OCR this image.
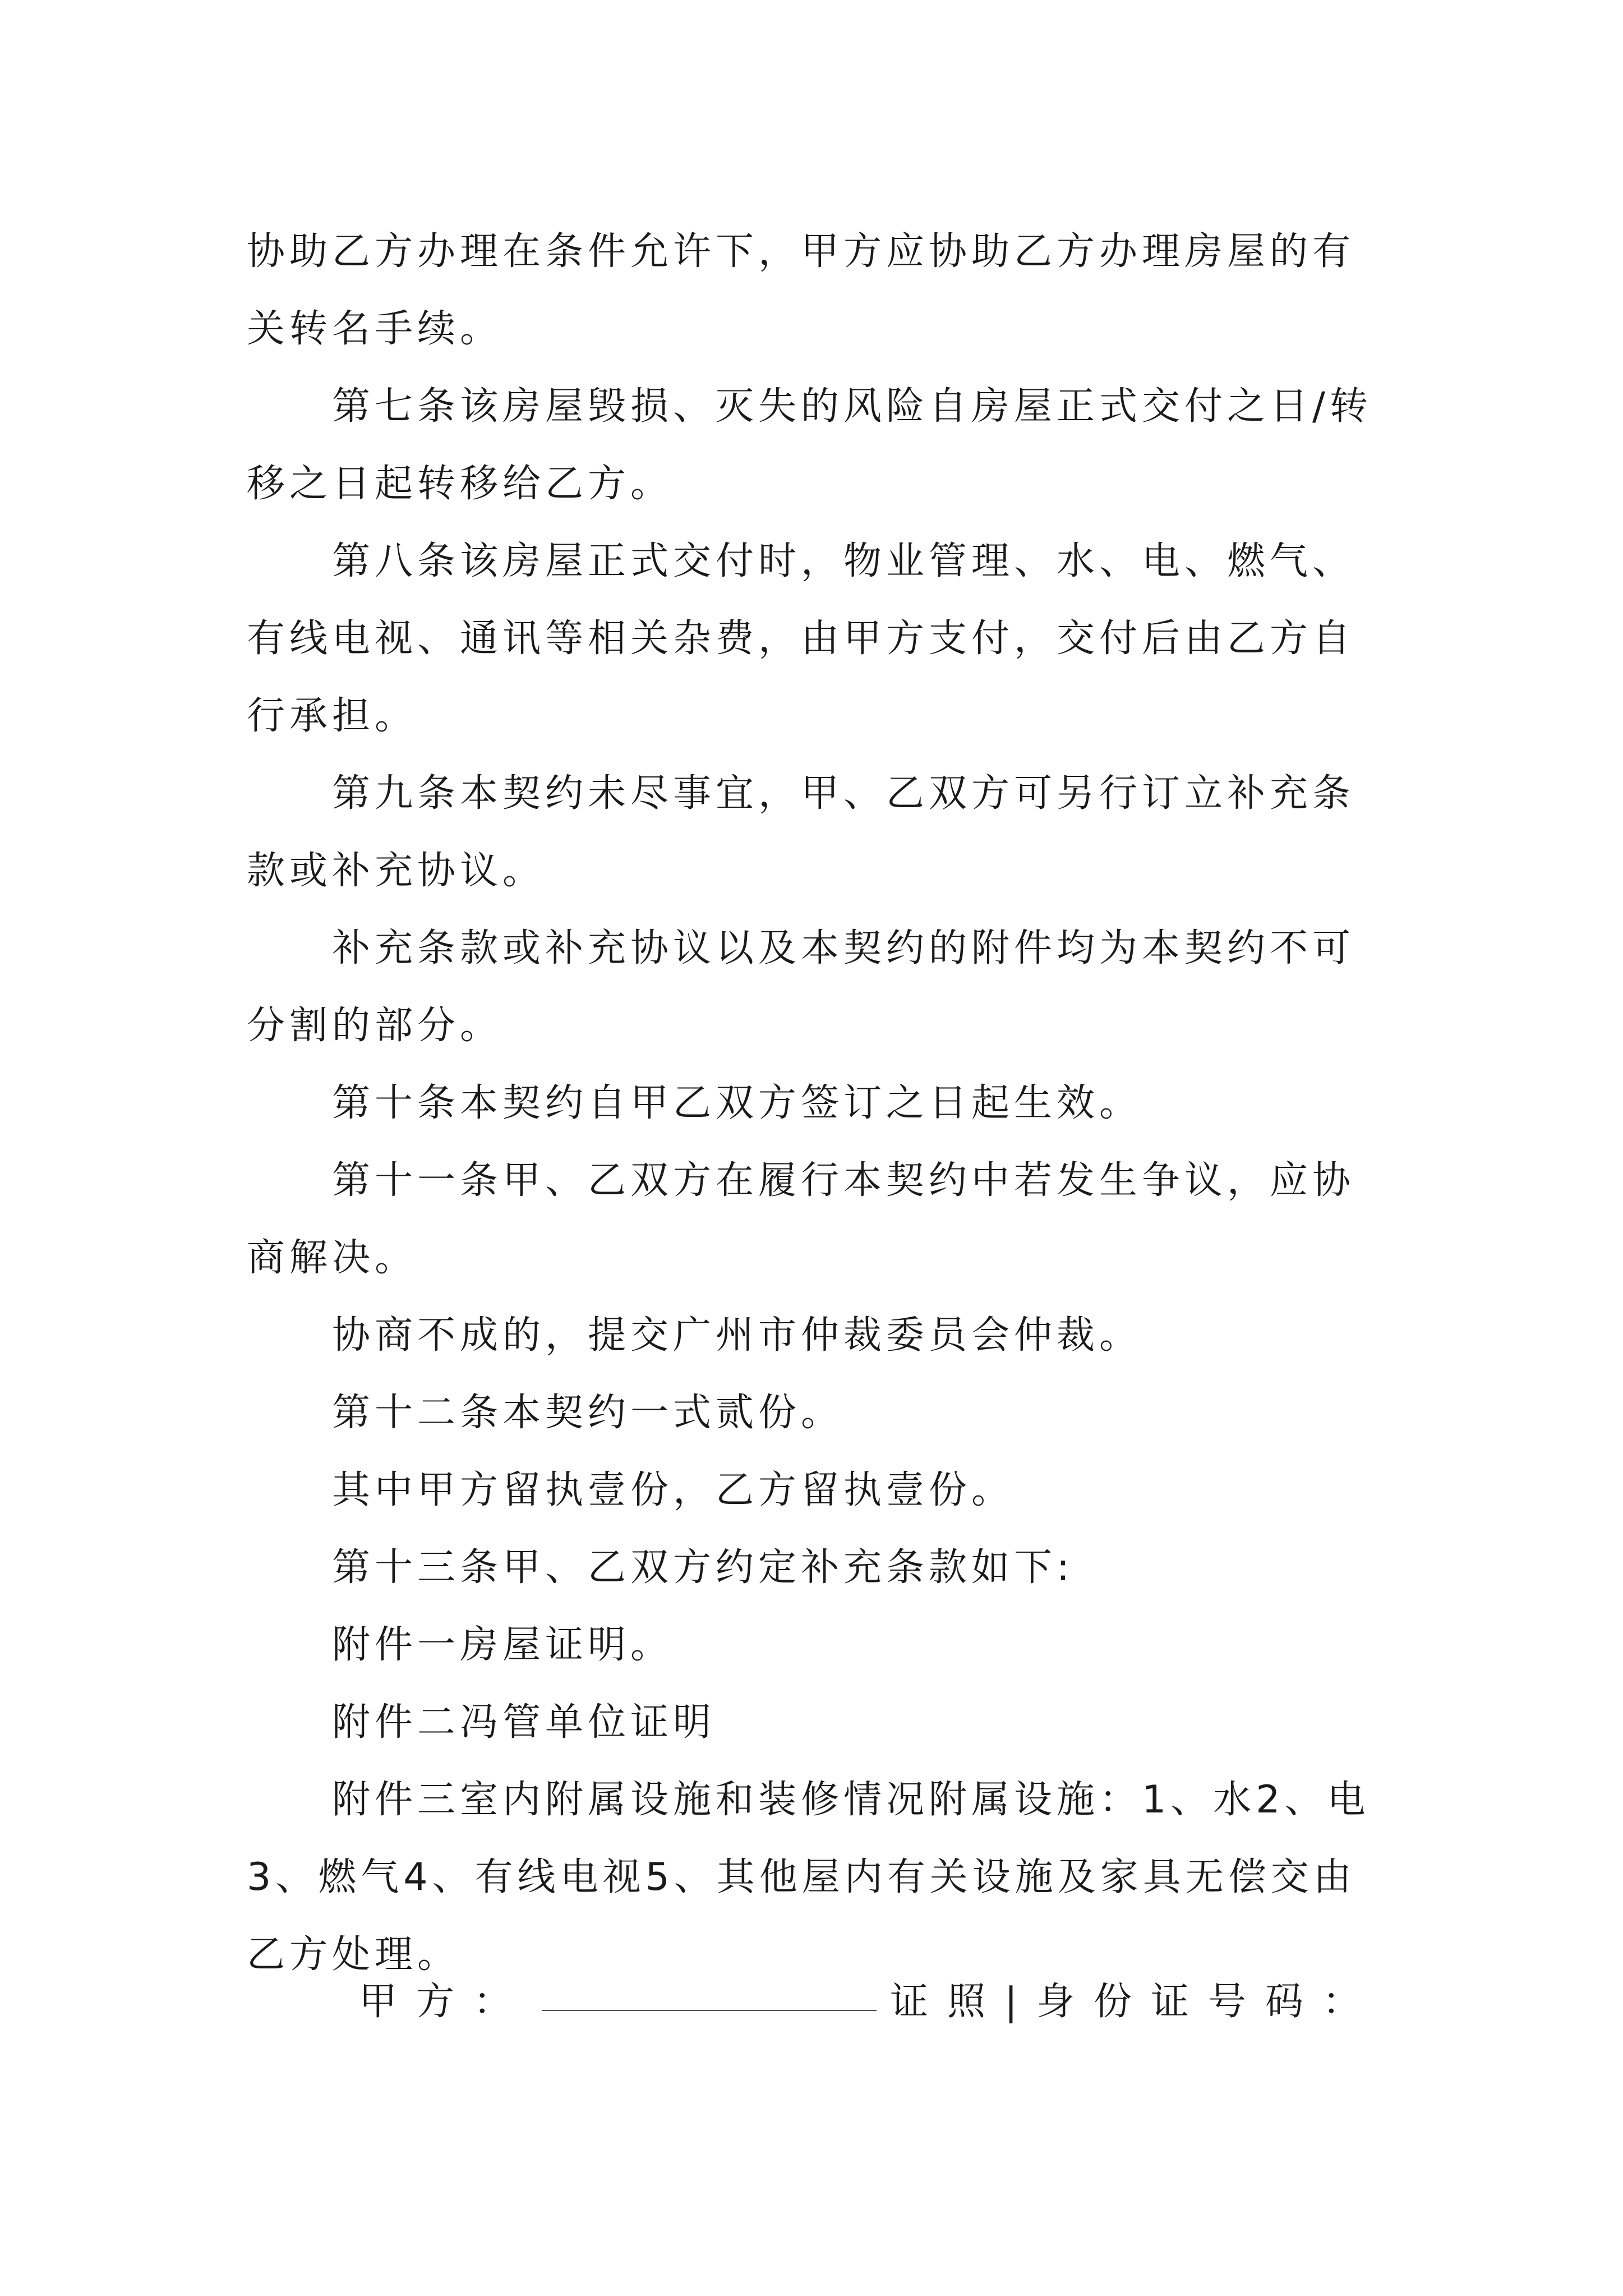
协助乙方办理在条件允许下，甲方应协助乙方办理房屋的有关转名手续。

第七条该房屋毁损、灭失的风险自房屋正式交付之日/转移之日起转移给乙方。

第八条该房屋正式交付时，物业管理、水、电、燃气、有线电视、通讯等相关杂费，由甲方支付，交付后由乙方自行承担。

第九条本契约未尽事宜，甲、乙双方可另行订立补充条款或补充协议。

补充条款或补充协议以及本契约的附件均为本契约不可分割的部分。

第十条本契约自甲乙双方签订之日起生效。

第十一条甲、乙双方在履行本契约中若发生争议，应协商解决。

协商不成的，提交广州市仲裁委员会仲裁。

第十二条本契约一式贰份。

其中甲方留执壹份，乙方留执壹份。

第十三条甲、乙双方约定补充条款如下:

附件一房屋证明。

附件二冯管单位证明

附件三室内附属设施和装修情况附属设施：1、水2、电3、燃气4、有线电视5、其他屋内有关设施及家具无偿交由乙方处理。

甲方：	证照|身份证号码：
